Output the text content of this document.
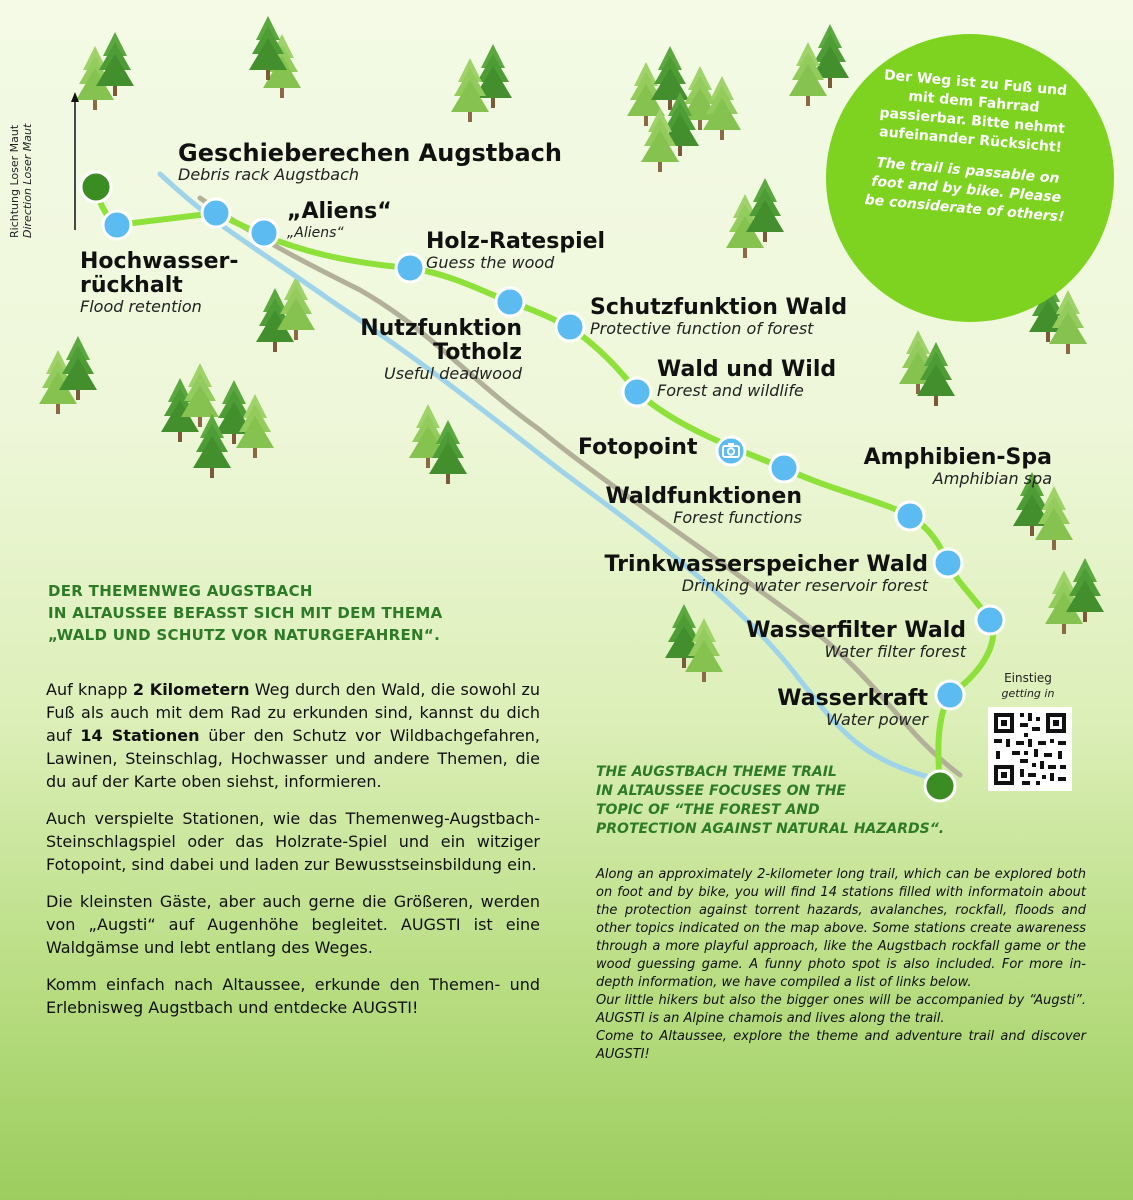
Richtung Loser Maut Direction Loser Maut	Geschieberechen Augstbach
Debris rack Augstbach
Hochwasser-
rückhalt
Flood retention
„Aliens“
„Aliens“	Holz-Ratespiel
Guess the wood
Nutzfunktion
Totholz
Useful deadwood
Schutzfunktion Wald
Protective function of forest
Wald und Wild
Forest and wildlife
Fotopoint	Amphibien-Spa
Amphibian spa
Waldfunktionen
Forest functions
Trinkwasserspeicher Wald
Drinking water reservoir forest
Wasserfilter Wald
Water filter forest
Wasserkraft
Water power
Der Weg ist zu Fuß und mit dem Fahrrad passierbar. Bitte nehmt aufeinander Rücksicht!
The trail is passable on foot and by bike. Please be considerate of others!
Einstieg
getting in
DER THEMENWEG AUGSTBACH
IN ALTAUSSEE BEFASST SICH MIT DEM THEMA
„WALD UND SCHUTZ VOR NATURGEFAHREN“.

Auf knapp 2 Kilometern Weg durch den Wald, die sowohl zu Fuß als auch mit dem Rad zu erkunden sind, kannst du dich auf 14 Stationen über den Schutz vor Wildbachgefahren, Lawinen, Steinschlag, Hochwasser und andere Themen, die du auf der Karte oben siehst, informieren.

Auch verspielte Stationen, wie das Themenweg-Augstbach-Steinschlagspiel oder das Holzrate-Spiel und ein witziger Fotopoint, sind dabei und laden zur Bewusstseinsbildung ein.

Die kleinsten Gäste, aber auch gerne die Größeren, werden von „Augsti“ auf Augenhöhe begleitet. AUGSTI ist eine Waldgämse und lebt entlang des Weges.

Komm einfach nach Altaussee, erkunde den Themen- und Erlebnisweg Augstbach und entdecke AUGSTI!

THE AUGSTBACH THEME TRAIL
IN ALTAUSSEE FOCUSES ON THE
TOPIC OF “THE FOREST AND
PROTECTION AGAINST NATURAL HAZARDS“.

Along an approximately 2-kilometer long trail, which can be explored both on foot and by bike, you will find 14 stations filled with informatoin about the protection against torrent hazards, avalanches, rockfall, floods and other topics indicated on the map above. Some stations create awareness through a more playful approach, like the Augstbach rockfall game or the wood guessing game. A funny photo spot is also included. For more in-depth information, we have compiled a list of links below.

Our little hikers but also the bigger ones will be accompanied by “Augsti”. AUGSTI is an Alpine chamois and lives along the trail.

Come to Altaussee, explore the theme and adventure trail and discover AUGSTI!
